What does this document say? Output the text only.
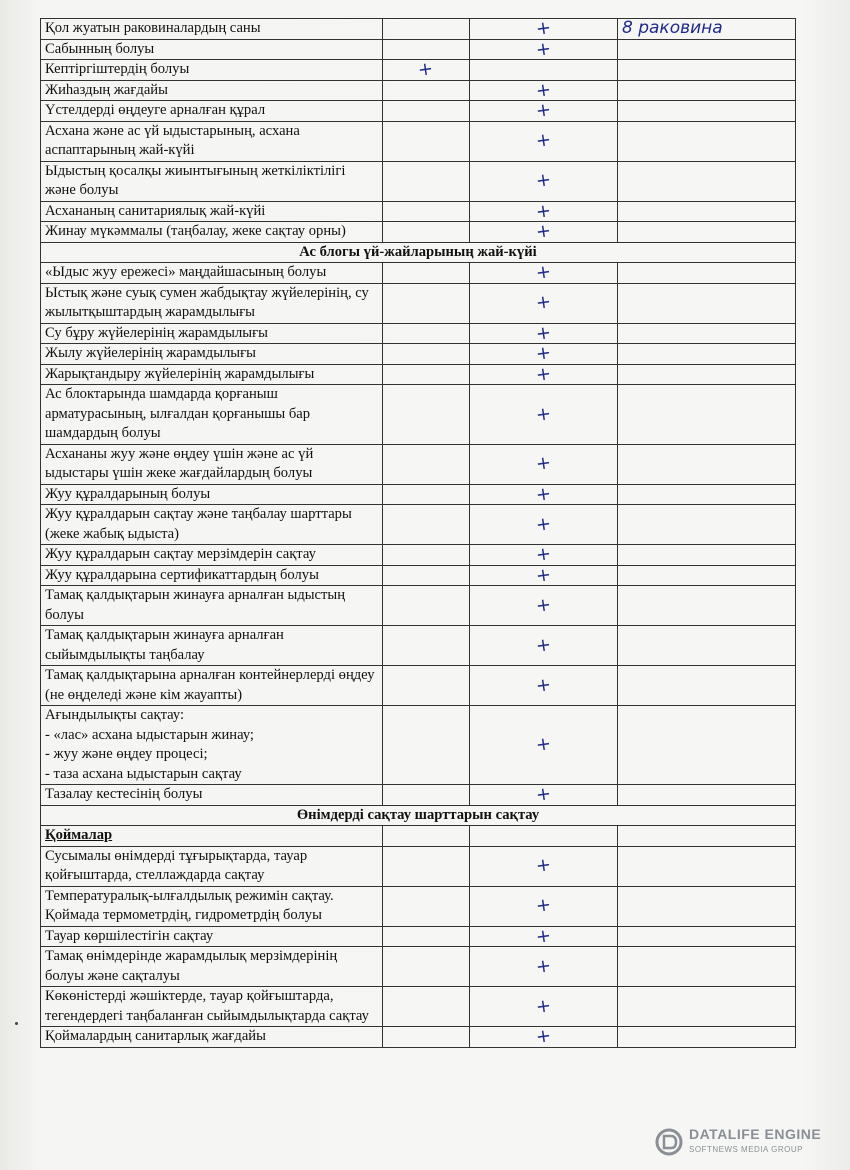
Қол жуатын раковиналардың саны		+	8 раковина
Сабынның болуы		+	
Кептіргіштердің болуы	+		
Жиһаздың жағдайы		+	
Үстелдерді өңдеуге арналған құрал		+	
Асхана және ас үй ыдыстарының, асхана аспаптарының жай-күйі		+	
Ыдыстың қосалқы жиынтығының жеткіліктілігі және болуы		+	
Асхананың санитариялық жай-күйі		+	
Жинау мүкәммалы (таңбалау, жеке сақтау орны)		+	
Ас блогы үй-жайларының жай-күйі			
«Ыдыс жуу ережесі» маңдайшасының болуы		+	
Ыстық және суық сумен жабдықтау жүйелерінің, су жылытқыштардың жарамдылығы		+	
Су бұру жүйелерінің жарамдылығы		+	
Жылу жүйелерінің жарамдылығы		+	
Жарықтандыру жүйелерінің жарамдылығы		+	
Ас блоктарында шамдарда қорғаныш арматурасының, ылғалдан қорғанышы бар шамдардың болуы		+	
Асхананы жуу және өңдеу үшін және ас үй ыдыстары үшін жеке жағдайлардың болуы		+	
Жуу құралдарының болуы		+	
Жуу құралдарын сақтау және таңбалау шарттары (жеке жабық ыдыста)		+	
Жуу құралдарын сақтау мерзімдерін сақтау		+	
Жуу құралдарына сертификаттардың болуы		+	
Тамақ қалдықтарын жинауға арналған ыдыстың болуы		+	
Тамақ қалдықтарын жинауға арналған сыйымдылықты таңбалау		+	
Тамақ қалдықтарына арналған контейнерлерді өңдеу (не өңделеді және кім жауапты)		+	
Ағындылықты сақтау:
- «лас» асхана ыдыстарын жинау;
- жуу және өңдеу процесі;
- таза асхана ыдыстарын сақтау		+	
Тазалау кестесінің болуы		+	
Өнімдерді сақтау шарттарын сақтау			
Қоймалар			
Сусымалы өнімдерді тұғырықтарда, тауар қойғыштарда, стеллаждарда сақтау		+	
Температуралық-ылғалдылық режимін сақтау. Қоймада термометрдің, гидрометрдің болуы		+	
Тауар көршілестігін сақтау		+	
Тамақ өнімдерінде жарамдылық мерзімдерінің болуы және сақталуы		+	
Көкөністерді жәшіктерде, тауар қойғыштарда, тегендердегі таңбаланған сыйымдылықтарда сақтау		+	
Қоймалардың санитарлық жағдайы		+	
DATALIFE ENGINE
SOFTNEWS MEDIA GROUP
